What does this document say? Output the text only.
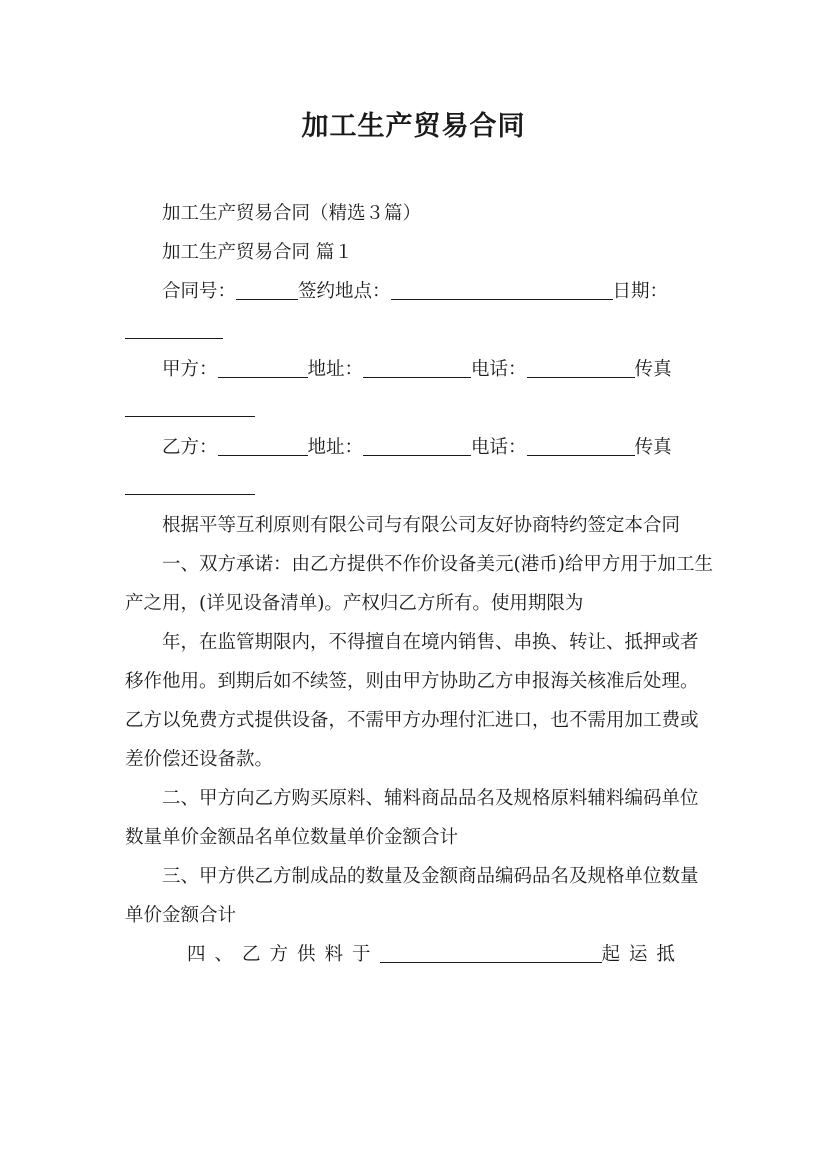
加工生产贸易合同

加工生产贸易合同（精选３篇）

加工生产贸易合同 篇１

合同号：	签约地点：	日期：

甲方：	地址：	电话：	传真

乙方：	地址：	电话：	传真

根据平等互利原则有限公司与有限公司友好协商特约签定本合同

一、双方承诺：由乙方提供不作价设备美元(港币)给甲方用于加工生产之用，(详见设备清单)。产权归乙方所有。使用期限为

年，在监管期限内，不得擅自在境内销售、串换、转让、抵押或者移作他用。到期后如不续签，则由甲方协助乙方申报海关核准后处理。乙方以免费方式提供设备，不需甲方办理付汇进口，也不需用加工费或差价偿还设备款。

二、甲方向乙方购买原料、辅料商品品名及规格原料辅料编码单位数量单价金额品名单位数量单价金额合计

三、甲方供乙方制成品的数量及金额商品编码品名及规格单位数量单价金额合计

四、乙方供料于	起运抵
